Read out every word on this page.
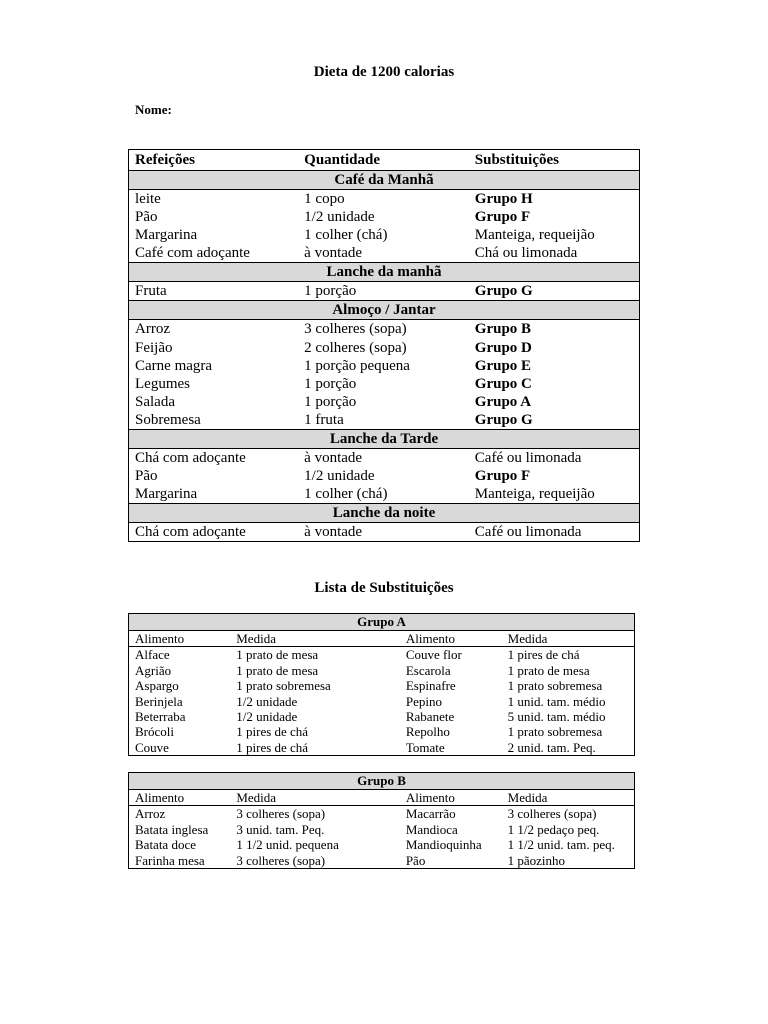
Dieta de 1200 calorias
Nome:
Refeições	Quantidade	Substituições
Café da Manhã		
leite	1 copo	Grupo H
Pão	1/2 unidade	Grupo F
Margarina	1 colher (chá)	Manteiga, requeijão
Café com adoçante	à vontade	Chá ou limonada
Lanche da manhã		
Fruta	1 porção	Grupo G
Almoço / Jantar		
Arroz	3 colheres (sopa)	Grupo B
Feijão	2 colheres (sopa)	Grupo D
Carne magra	1 porção pequena	Grupo E
Legumes	1 porção	Grupo C
Salada	1 porção	Grupo A
Sobremesa	1 fruta	Grupo G
Lanche da Tarde		
Chá com adoçante	à vontade	Café ou limonada
Pão	1/2 unidade	Grupo F
Margarina	1 colher (chá)	Manteiga, requeijão
Lanche da noite		
Chá com adoçante	à vontade	Café ou limonada
Lista de Substituições
Grupo A			
Alimento	Medida	Alimento	Medida
Alface	1 prato de mesa	Couve flor	1 pires de chá
Agrião	1 prato de mesa	Escarola	1 prato de mesa
Aspargo	1 prato sobremesa	Espinafre	1 prato sobremesa
Berinjela	1/2 unidade	Pepino	1 unid. tam. médio
Beterraba	1/2 unidade	Rabanete	5 unid. tam. médio
Brócoli	1 pires de chá	Repolho	1 prato sobremesa
Couve	1 pires de chá	Tomate	2 unid. tam. Peq.
Grupo B			
Alimento	Medida	Alimento	Medida
Arroz	3 colheres (sopa)	Macarrão	3 colheres (sopa)
Batata inglesa	3 unid. tam. Peq.	Mandioca	1 1/2 pedaço peq.
Batata doce	1 1/2 unid. pequena	Mandioquinha	1 1/2 unid. tam. peq.
Farinha mesa	3 colheres (sopa)	Pão	1 pãozinho
